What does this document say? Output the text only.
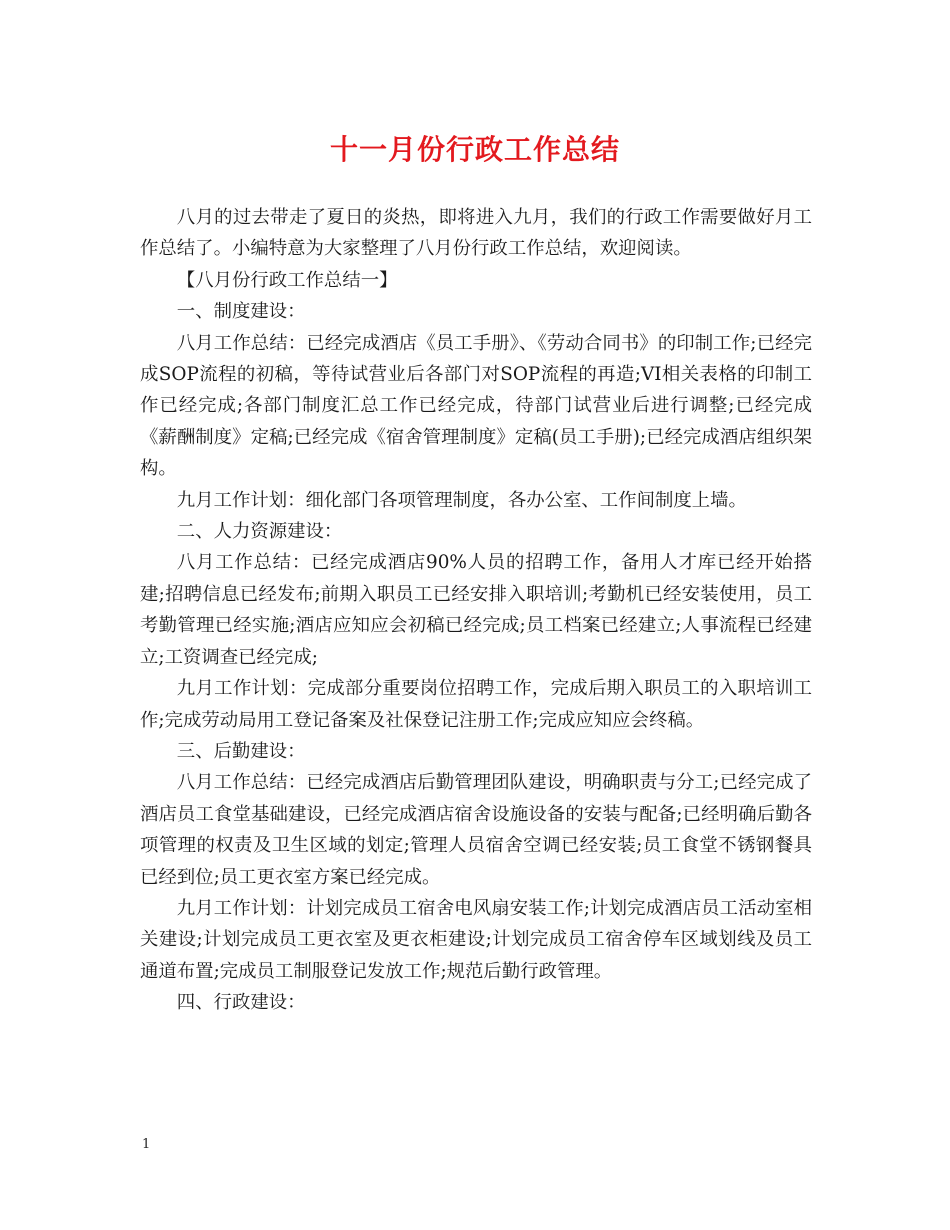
十一月份行政工作总结

八月的过去带走了夏日的炎热，即将进入九月，我们的行政工作需要做好月工作总结了。小编特意为大家整理了八月份行政工作总结，欢迎阅读。

【八月份行政工作总结一】

一、制度建设：

八月工作总结：已经完成酒店《员工手册》、《劳动合同书》的印制工作;已经完成SOP流程的初稿，等待试营业后各部门对SOP流程的再造;VI相关表格的印制工作已经完成;各部门制度汇总工作已经完成，待部门试营业后进行调整;已经完成《薪酬制度》定稿;已经完成《宿舍管理制度》定稿(员工手册);已经完成酒店组织架构。

九月工作计划：细化部门各项管理制度，各办公室、工作间制度上墙。

二、人力资源建设：

八月工作总结：已经完成酒店90%人员的招聘工作，备用人才库已经开始搭建;招聘信息已经发布;前期入职员工已经安排入职培训;考勤机已经安装使用，员工考勤管理已经实施;酒店应知应会初稿已经完成;员工档案已经建立;人事流程已经建立;工资调查已经完成;

九月工作计划：完成部分重要岗位招聘工作，完成后期入职员工的入职培训工作;完成劳动局用工登记备案及社保登记注册工作;完成应知应会终稿。

三、后勤建设：

八月工作总结：已经完成酒店后勤管理团队建设，明确职责与分工;已经完成了酒店员工食堂基础建设，已经完成酒店宿舍设施设备的安装与配备;已经明确后勤各项管理的权责及卫生区域的划定;管理人员宿舍空调已经安装;员工食堂不锈钢餐具已经到位;员工更衣室方案已经完成。

九月工作计划：计划完成员工宿舍电风扇安装工作;计划完成酒店员工活动室相关建设;计划完成员工更衣室及更衣柜建设;计划完成员工宿舍停车区域划线及员工通道布置;完成员工制服登记发放工作;规范后勤行政管理。

四、行政建设：

1
